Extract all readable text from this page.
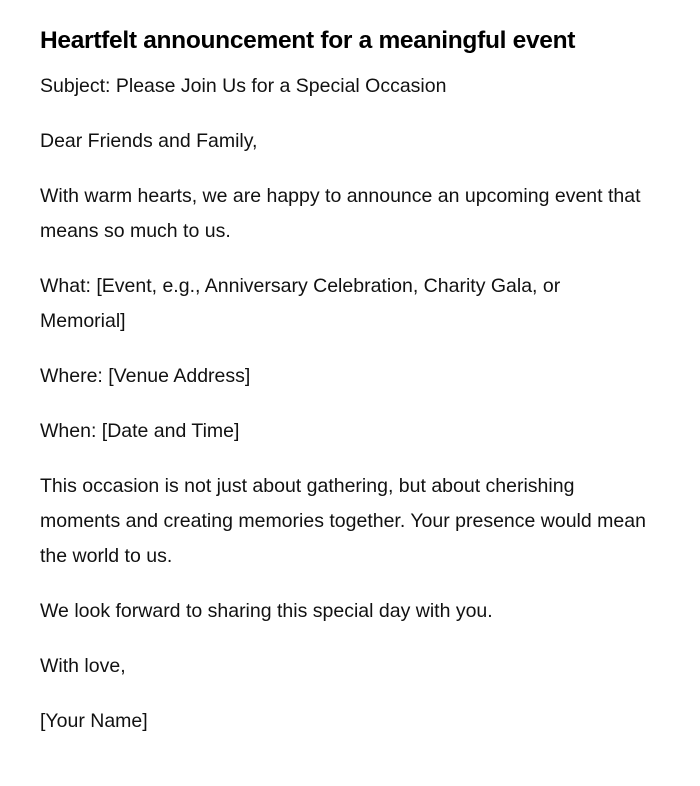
Heartfelt announcement for a meaningful event

Subject: Please Join Us for a Special Occasion

Dear Friends and Family,

With warm hearts, we are happy to announce an upcoming event that means so much to us.

What: [Event, e.g., Anniversary Celebration, Charity Gala, or Memorial]

Where: [Venue Address]

When: [Date and Time]

This occasion is not just about gathering, but about cherishing moments and creating memories together. Your presence would mean the world to us.

We look forward to sharing this special day with you.

With love,

[Your Name]
